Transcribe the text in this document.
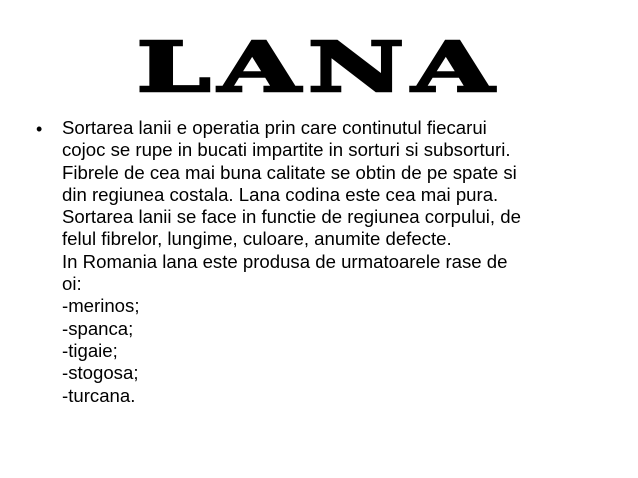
LANA
• Sortarea lanii e operatia prin care continutul fiecarui
cojoc se rupe in bucati impartite in sorturi si subsorturi.
Fibrele de cea mai buna calitate se obtin de pe spate si
din regiunea costala. Lana codina este cea mai pura.
Sortarea lanii se face in functie de regiunea corpului, de
felul fibrelor, lungime, culoare, anumite defecte.
In Romania lana este produsa de urmatoarele rase de
oi:
-merinos;
-spanca;
-tigaie;
-stogosa;
-turcana.
